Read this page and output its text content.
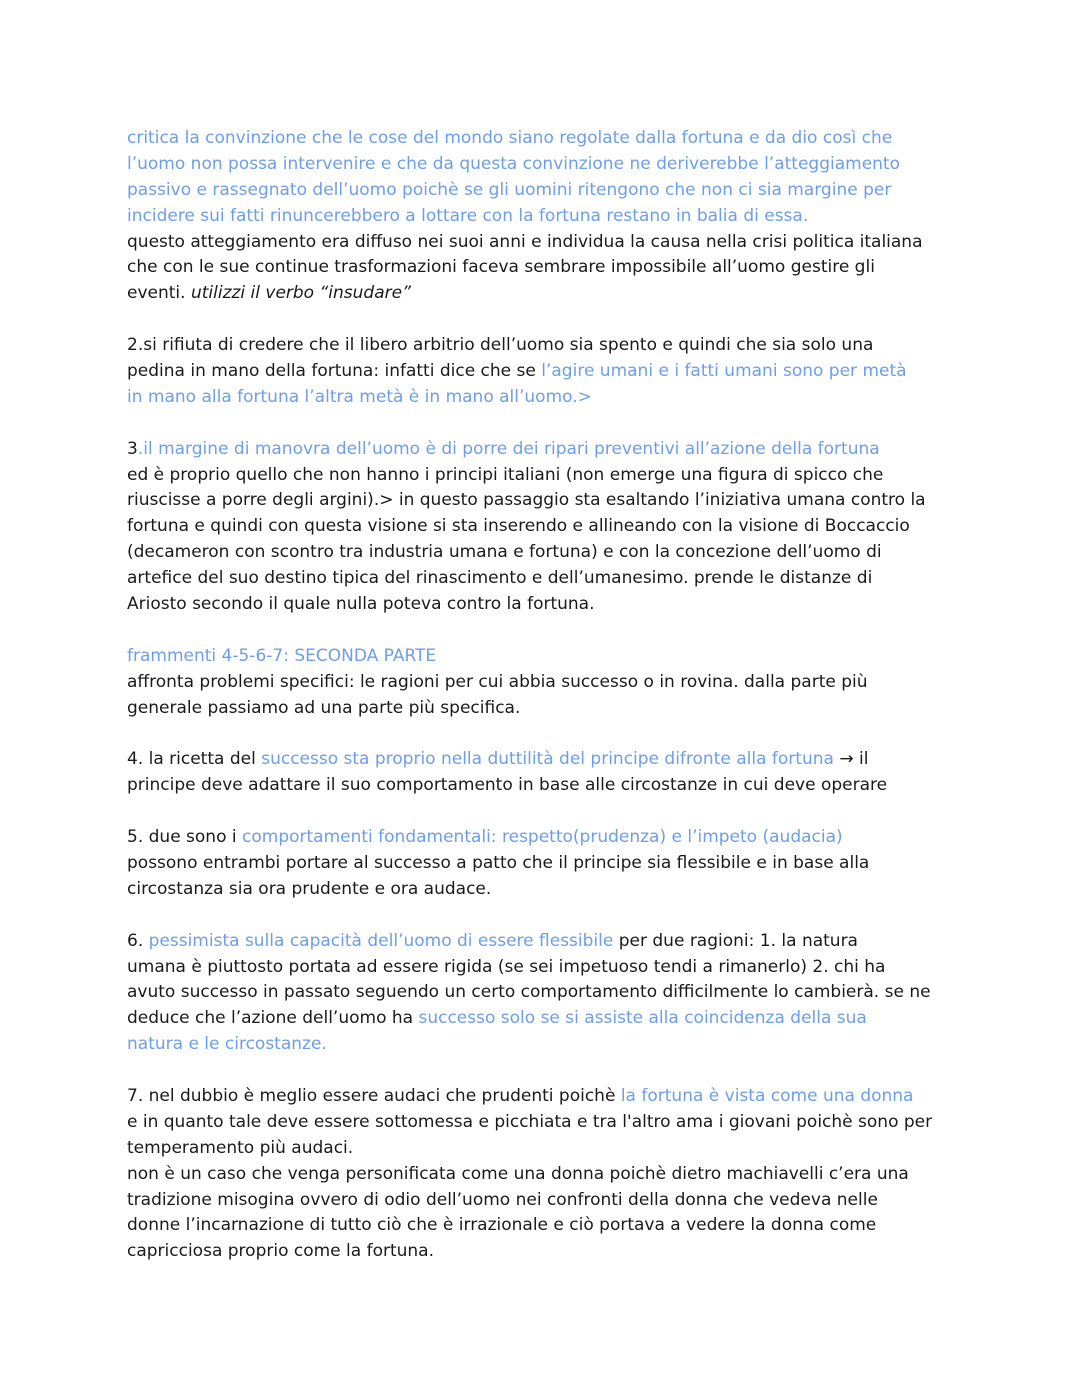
critica la convinzione che le cose del mondo siano regolate dalla fortuna e da dio così che
l’uomo non possa intervenire e che da questa convinzione ne deriverebbe l’atteggiamento
passivo e rassegnato dell’uomo poichè se gli uomini ritengono che non ci sia margine per
incidere sui fatti rinuncerebbero a lottare con la fortuna restano in balia di essa.
questo atteggiamento era diffuso nei suoi anni e individua la causa nella crisi politica italiana
che con le sue continue trasformazioni faceva sembrare impossibile all’uomo gestire gli
eventi. utilizzi il verbo “insudare”
2.si rifiuta di credere che il libero arbitrio dell’uomo sia spento e quindi che sia solo una
pedina in mano della fortuna: infatti dice che se l’agire umani e i fatti umani sono per metà
in mano alla fortuna l’altra metà è in mano all’uomo.>
3.il margine di manovra dell’uomo è di porre dei ripari preventivi all’azione della fortuna
ed è proprio quello che non hanno i principi italiani (non emerge una figura di spicco che
riuscisse a porre degli argini).> in questo passaggio sta esaltando l’iniziativa umana contro la
fortuna e quindi con questa visione si sta inserendo e allineando con la visione di Boccaccio
(decameron con scontro tra industria umana e fortuna) e con la concezione dell’uomo di
artefice del suo destino tipica del rinascimento e dell’umanesimo. prende le distanze di
Ariosto secondo il quale nulla poteva contro la fortuna.
frammenti 4-5-6-7: SECONDA PARTE
affronta problemi specifici: le ragioni per cui abbia successo o in rovina. dalla parte più
generale passiamo ad una parte più specifica.
4. la ricetta del successo sta proprio nella duttilità del principe difronte alla fortuna → il
principe deve adattare il suo comportamento in base alle circostanze in cui deve operare
5. due sono i comportamenti fondamentali: respetto(prudenza) e l’impeto (audacia)
possono entrambi portare al successo a patto che il principe sia flessibile e in base alla
circostanza sia ora prudente e ora audace.
6. pessimista sulla capacità dell’uomo di essere flessibile per due ragioni: 1. la natura
umana è piuttosto portata ad essere rigida (se sei impetuoso tendi a rimanerlo) 2. chi ha
avuto successo in passato seguendo un certo comportamento difficilmente lo cambierà. se ne
deduce che l’azione dell’uomo ha successo solo se si assiste alla coincidenza della sua
natura e le circostanze.
7. nel dubbio è meglio essere audaci che prudenti poichè la fortuna è vista come una donna
e in quanto tale deve essere sottomessa e picchiata e tra l'altro ama i giovani poichè sono per
temperamento più audaci.
non è un caso che venga personificata come una donna poichè dietro machiavelli c’era una
tradizione misogina ovvero di odio dell’uomo nei confronti della donna che vedeva nelle
donne l’incarnazione di tutto ciò che è irrazionale e ciò portava a vedere la donna come
capricciosa proprio come la fortuna.
